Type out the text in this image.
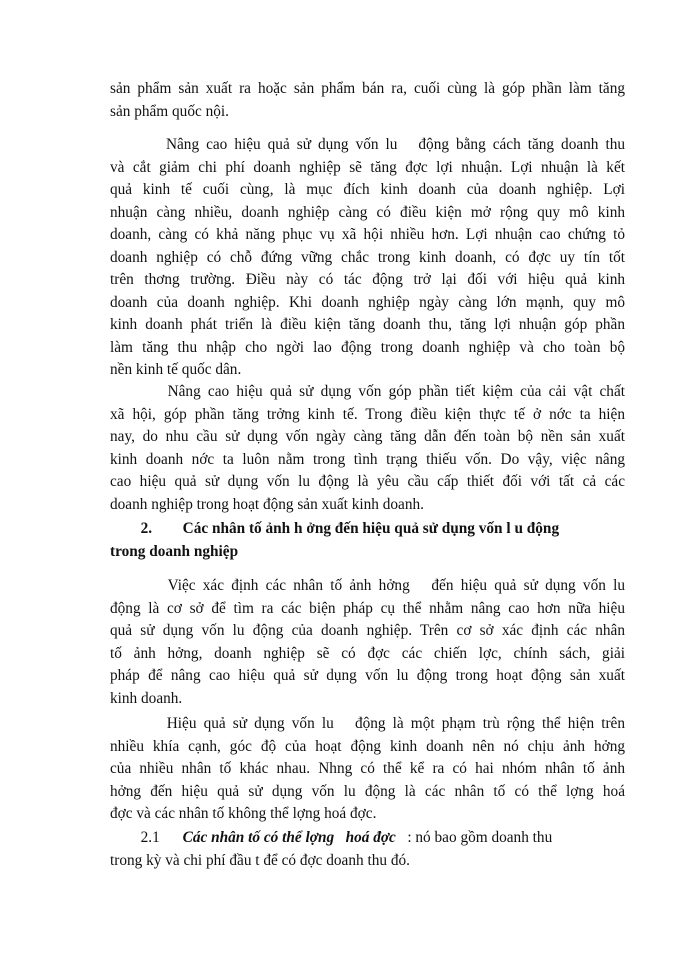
sản phẩm sản xuất ra hoặc sản phẩm bán ra, cuối cùng là góp phần làm tăng
sản phẩm quốc nội.

Nâng cao hiệu quả sử dụng vốn lu   động bằng cách tăng doanh thu
và cắt giảm chi phí doanh nghiệp sẽ tăng đợc lợi nhuận. Lợi nhuận là kết
quả kinh tế cuối cùng, là mục đích kinh doanh của doanh nghiệp. Lợi
nhuận càng nhiều, doanh nghiệp càng có điều kiện mở rộng quy mô kinh
doanh, càng có khả năng phục vụ xã hội nhiều hơn. Lợi nhuận cao chứng tỏ
doanh nghiệp có chỗ đứng vững chắc trong kinh doanh, có đợc uy tín tốt
trên thơng trường. Điều này có tác động trở lại đối với hiệu quả kinh
doanh của doanh nghiệp. Khi doanh nghiệp ngày càng lớn mạnh, quy mô
kinh doanh phát triển là điều kiện tăng doanh thu, tăng lợi nhuận góp phần
làm tăng thu nhập cho ngời lao động trong doanh nghiệp và cho toàn bộ
nền kinh tế quốc dân.

Nâng cao hiệu quả sử dụng vốn góp phần tiết kiệm của cải vật chất
xã hội, góp phần tăng trởng kinh tế. Trong điều kiện thực tế ở nớc ta hiện
nay, do nhu cầu sử dụng vốn ngày càng tăng dẫn đến toàn bộ nền sản xuất
kinh doanh nớc ta luôn nằm trong tình trạng thiếu vốn. Do vậy, việc nâng
cao hiệu quả sử dụng vốn lu động là yêu cầu cấp thiết đối với tất cả các
doanh nghiệp trong hoạt động sản xuất kinh doanh.

2.        Các nhân tố ảnh h ởng đến hiệu quả sử dụng vốn l u động
trong doanh nghiệp

Việc xác định các nhân tố ảnh hởng   đến hiệu quả sử dụng vốn lu
động là cơ sở để tìm ra các biện pháp cụ thể nhằm nâng cao hơn nữa hiệu
quả sử dụng vốn lu động của doanh nghiệp. Trên cơ sở xác định các nhân
tố ảnh hởng, doanh nghiệp sẽ có đợc các chiến lợc, chính sách, giải
pháp để nâng cao hiệu quả sử dụng vốn lu động trong hoạt động sản xuất
kinh doanh.

Hiệu quả sử dụng vốn lu   động là một phạm trù rộng thể hiện trên
nhiều khía cạnh, góc độ của hoạt động kinh doanh nên nó chịu ảnh hởng
của nhiều nhân tố khác nhau. Nhng có thể kể ra có hai nhóm nhân tố ảnh
hởng đến hiệu quả sử dụng vốn lu động là các nhân tố có thể lợng hoá
đợc và các nhân tố không thể lợng hoá đợc.

2.1 Các nhân tố có thể lợng   hoá đợc   : nó bao gồm doanh thu
trong kỳ và chi phí đầu t để có đợc doanh thu đó.
